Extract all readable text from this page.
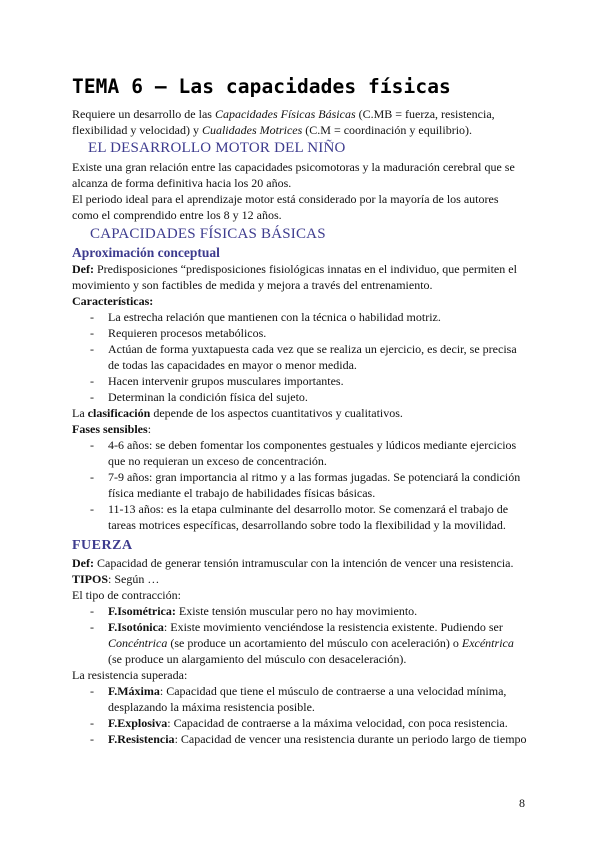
TEMA 6 – Las capacidades físicas

Requiere un desarrollo de las Capacidades Físicas Básicas (C.MB = fuerza, resistencia, flexibilidad y velocidad) y Cualidades Motrices (C.M = coordinación y equilibrio).

EL DESARROLLO MOTOR DEL NIÑO

Existe una gran relación entre las capacidades psicomotoras y la maduración cerebral que se alcanza de forma definitiva hacia los 20 años.

El periodo ideal para el aprendizaje motor está considerado por la mayoría de los autores como el comprendido entre los 8 y 12 años.

CAPACIDADES FÍSICAS BÁSICAS
Aproximación conceptual

Def: Predisposiciones “predisposiciones fisiológicas innatas en el individuo, que permiten el movimiento y son factibles de medida y mejora a través del entrenamiento.

Características:

- La estrecha relación que mantienen con la técnica o habilidad motriz.
- Requieren procesos metabólicos.
- Actúan de forma yuxtapuesta cada vez que se realiza un ejercicio, es decir, se precisa de todas las capacidades en mayor o menor medida.
- Hacen intervenir grupos musculares importantes.
- Determinan la condición física del sujeto.

La clasificación depende de los aspectos cuantitativos y cualitativos.

Fases sensibles:

- 4-6 años: se deben fomentar los componentes gestuales y lúdicos mediante ejercicios que no requieran un exceso de concentración.
- 7-9 años: gran importancia al ritmo y a las formas jugadas. Se potenciará la condición física mediante el trabajo de habilidades físicas básicas.
- 11-13 años: es la etapa culminante del desarrollo motor. Se comenzará el trabajo de tareas motrices específicas, desarrollando sobre todo la flexibilidad y la movilidad.
FUERZA

Def: Capacidad de generar tensión intramuscular con la intención de vencer una resistencia.

TIPOS: Según …

El tipo de contracción:

- F.Isométrica: Existe tensión muscular pero no hay movimiento.
- F.Isotónica: Existe movimiento venciéndose la resistencia existente. Pudiendo ser Concéntrica (se produce un acortamiento del músculo con aceleración) o Excéntrica (se produce un alargamiento del músculo con desaceleración).

La resistencia superada:

- F.Máxima: Capacidad que tiene el músculo de contraerse a una velocidad mínima, desplazando la máxima resistencia posible.
- F.Explosiva: Capacidad de contraerse a la máxima velocidad, con poca resistencia.
- F.Resistencia: Capacidad de vencer una resistencia durante un periodo largo de tiempo
8
